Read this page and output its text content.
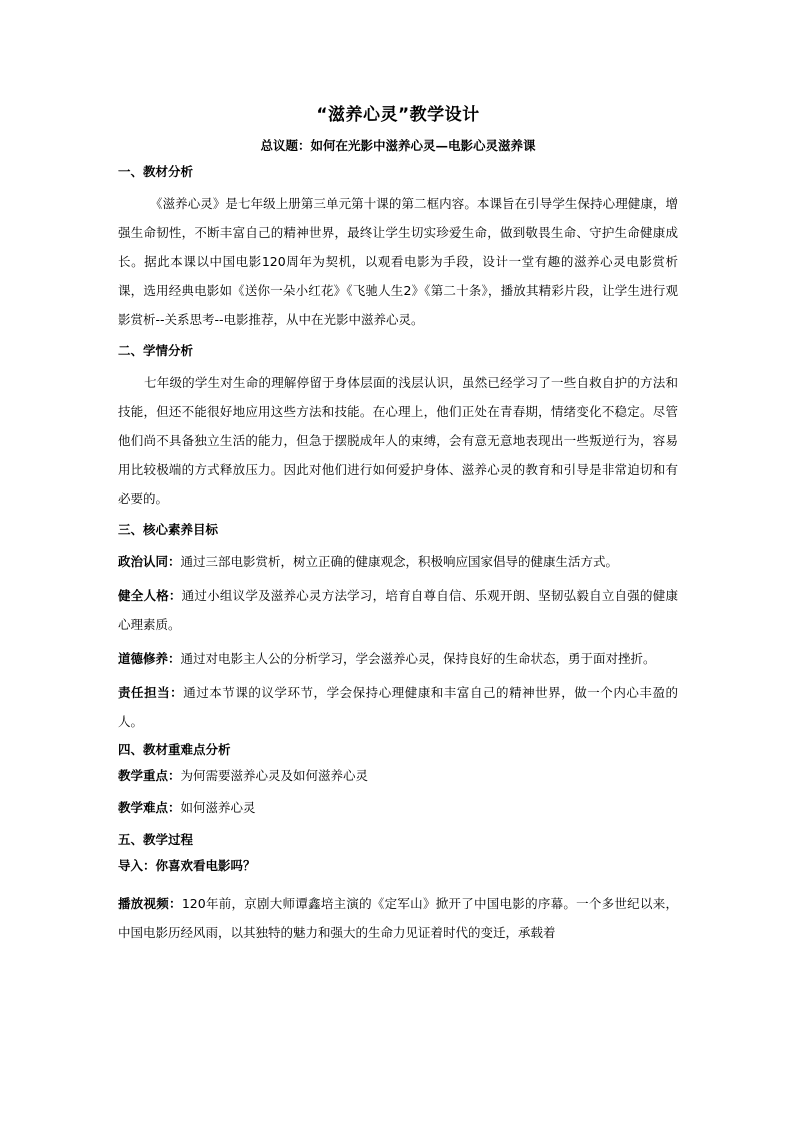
“滋养心灵”教学设计
总议题：如何在光影中滋养心灵—电影心灵滋养课
一、教材分析

《滋养心灵》是七年级上册第三单元第十课的第二框内容。本课旨在引导学生保持心理健康，增强生命韧性，不断丰富自己的精神世界，最终让学生切实珍爱生命，做到敬畏生命、守护生命健康成长。据此本课以中国电影120周年为契机，以观看电影为手段，设计一堂有趣的滋养心灵电影赏析课，选用经典电影如《送你一朵小红花》《飞驰人生2》《第二十条》，播放其精彩片段，让学生进行观影赏析--关系思考--电影推荐，从中在光影中滋养心灵。

二、学情分析

七年级的学生对生命的理解停留于身体层面的浅层认识，虽然已经学习了一些自救自护的方法和技能，但还不能很好地应用这些方法和技能。在心理上，他们正处在青春期，情绪变化不稳定。尽管他们尚不具备独立生活的能力，但急于摆脱成年人的束缚，会有意无意地表现出一些叛逆行为，容易用比较极端的方式释放压力。因此对他们进行如何爱护身体、滋养心灵的教育和引导是非常迫切和有必要的。

三、核心素养目标

政治认同：通过三部电影赏析，树立正确的健康观念，积极响应国家倡导的健康生活方式。

健全人格：通过小组议学及滋养心灵方法学习，培育自尊自信、乐观开朗、坚韧弘毅自立自强的健康心理素质。

道德修养：通过对电影主人公的分析学习，学会滋养心灵，保持良好的生命状态，勇于面对挫折。

责任担当：通过本节课的议学环节，学会保持心理健康和丰富自己的精神世界，做一个内心丰盈的人。

四、教材重难点分析
教学重点：为何需要滋养心灵及如何滋养心灵
教学难点：如何滋养心灵
五、教学过程
导入：你喜欢看电影吗？

播放视频：120年前，京剧大师谭鑫培主演的《定军山》掀开了中国电影的序幕。一个多世纪以来，中国电影历经风雨，以其独特的魅力和强大的生命力见证着时代的变迁，承载着
